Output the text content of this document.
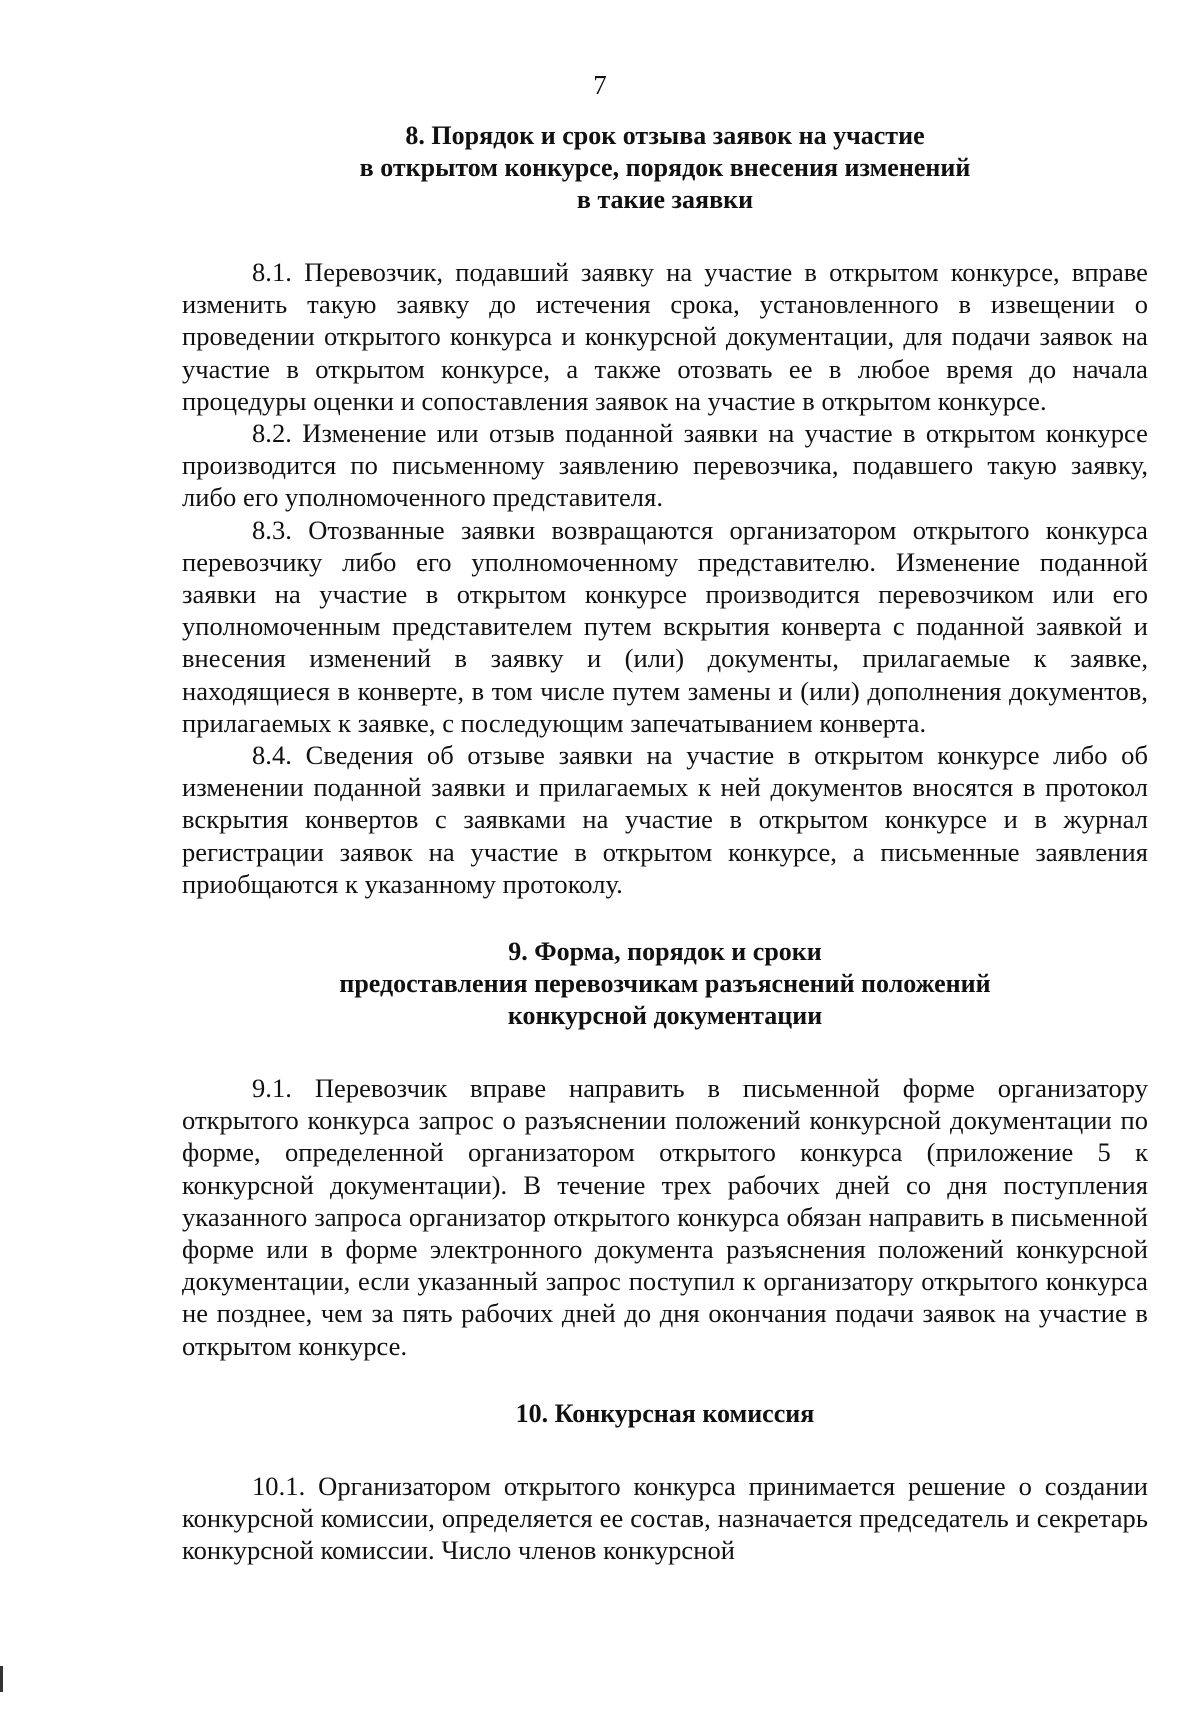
7
8. Порядок и срок отзыва заявок на участие
в открытом конкурсе, порядок внесения изменений
в такие заявки

8.1. Перевозчик, подавший заявку на участие в открытом конкурсе, вправе изменить такую заявку до истечения срока, установленного в извещении о проведении открытого конкурса и конкурсной документации, для подачи заявок на участие в открытом конкурсе, а также отозвать ее в любое время до начала процедуры оценки и сопоставления заявок на участие в открытом конкурсе.

8.2. Изменение или отзыв поданной заявки на участие в открытом конкурсе производится по письменному заявлению перевозчика, подавшего такую заявку, либо его уполномоченного представителя.

8.3. Отозванные заявки возвращаются организатором открытого конкурса перевозчику либо его уполномоченному представителю. Изменение поданной заявки на участие в открытом конкурсе производится перевозчиком или его уполномоченным представителем путем вскрытия конверта с поданной заявкой и внесения изменений в заявку и (или) документы, прилагаемые к заявке, находящиеся в конверте, в том числе путем замены и (или) дополнения документов, прилагаемых к заявке, с последующим запечатыванием конверта.

8.4. Сведения об отзыве заявки на участие в открытом конкурсе либо об изменении поданной заявки и прилагаемых к ней документов вносятся в протокол вскрытия конвертов с заявками на участие в открытом конкурсе и в журнал регистрации заявок на участие в открытом конкурсе, а письменные заявления приобщаются к указанному протоколу.

9. Форма, порядок и сроки
предоставления перевозчикам разъяснений положений
конкурсной документации

9.1. Перевозчик вправе направить в письменной форме организатору открытого конкурса запрос о разъяснении положений конкурсной документации по форме, определенной организатором открытого конкурса (приложение 5 к конкурсной документации). В течение трех рабочих дней со дня поступления указанного запроса организатор открытого конкурса обязан направить в письменной форме или в форме электронного документа разъяснения положений конкурсной документации, если указанный запрос поступил к организатору открытого конкурса не позднее, чем за пять рабочих дней до дня окончания подачи заявок на участие в открытом конкурсе.

10. Конкурсная комиссия

10.1. Организатором открытого конкурса принимается решение о создании конкурсной комиссии, определяется ее состав, назначается председатель и секретарь конкурсной комиссии. Число членов конкурсной
